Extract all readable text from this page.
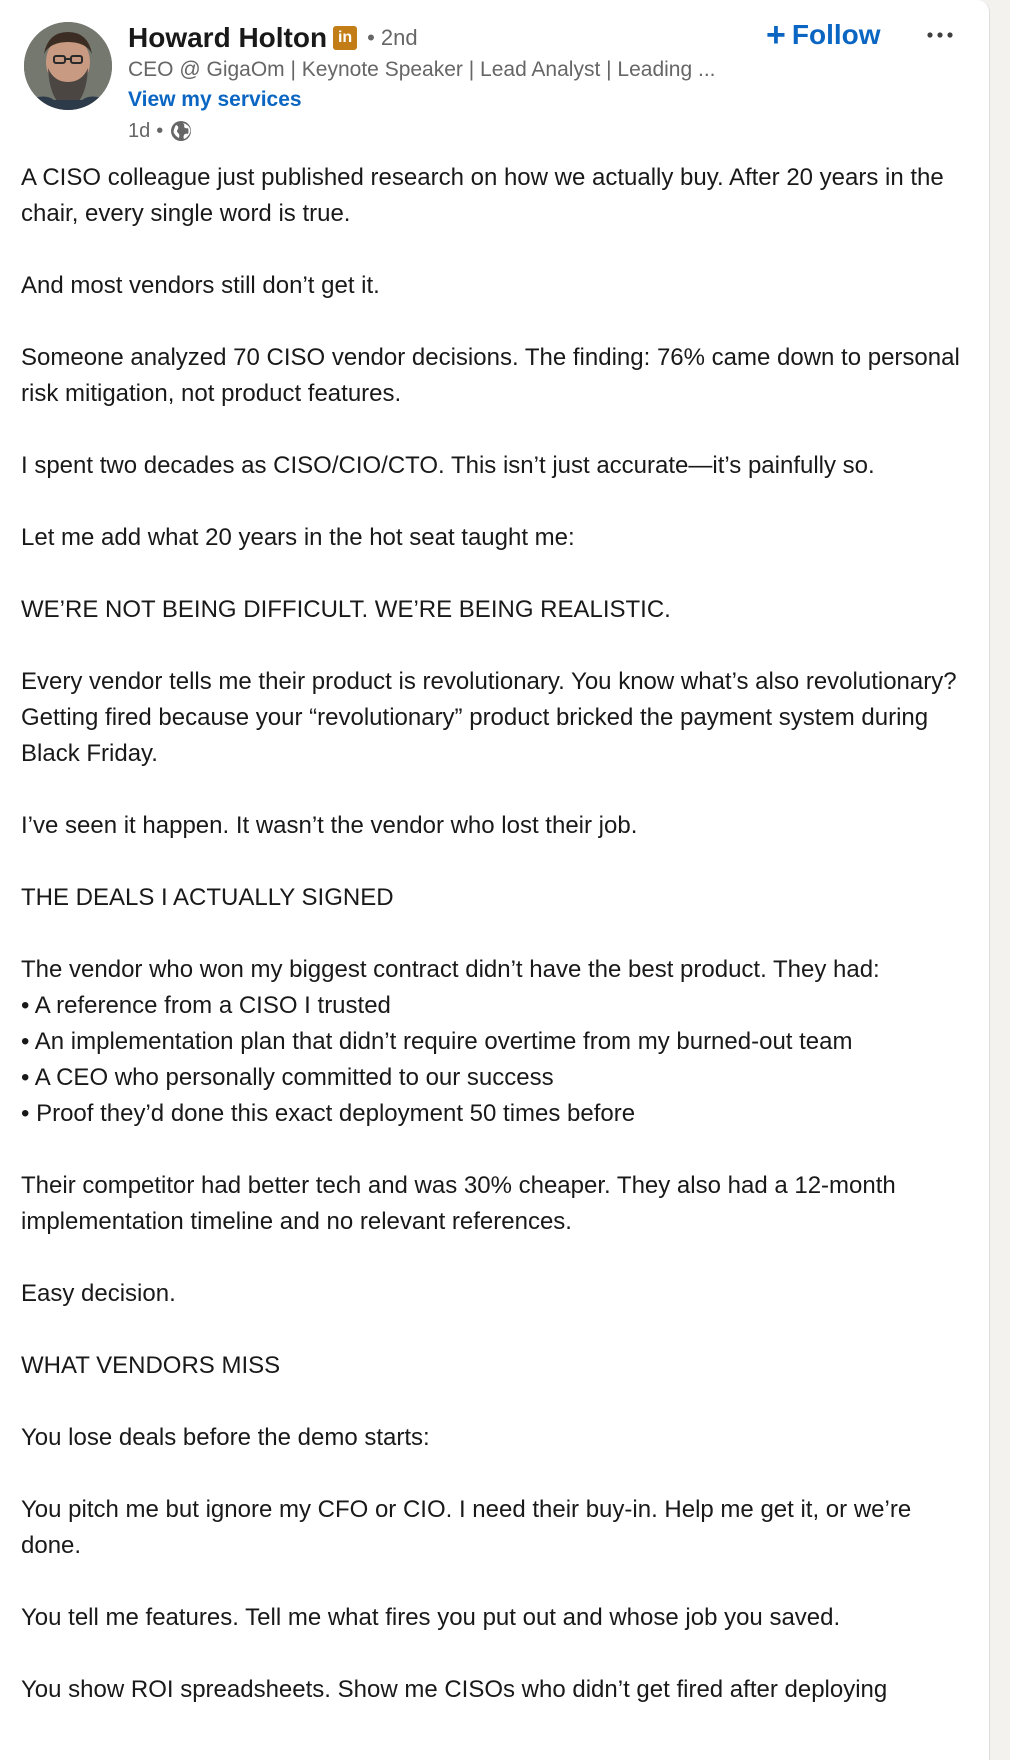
Howard Holton in • 2nd
CEO @ GigaOm | Keynote Speaker | Lead Analyst | Leading ...
View my services
1d •
+ Follow

A CISO colleague just published research on how we actually buy. After 20 years in the chair, every single word is true.

And most vendors still don’t get it.

Someone analyzed 70 CISO vendor decisions. The finding: 76% came down to personal risk mitigation, not product features.

I spent two decades as CISO/CIO/CTO. This isn’t just accurate—it’s painfully so.

Let me add what 20 years in the hot seat taught me:

WE’RE NOT BEING DIFFICULT. WE’RE BEING REALISTIC.

Every vendor tells me their product is revolutionary. You know what’s also revolutionary? Getting fired because your “revolutionary” product bricked the payment system during Black Friday.

I’ve seen it happen. It wasn’t the vendor who lost their job.

THE DEALS I ACTUALLY SIGNED

The vendor who won my biggest contract didn’t have the best product. They had:

• A reference from a CISO I trusted

• An implementation plan that didn’t require overtime from my burned-out team

• A CEO who personally committed to our success

• Proof they’d done this exact deployment 50 times before

Their competitor had better tech and was 30% cheaper. They also had a 12-month implementation timeline and no relevant references.

Easy decision.

WHAT VENDORS MISS

You lose deals before the demo starts:

You pitch me but ignore my CFO or CIO. I need their buy-in. Help me get it, or we’re done.

You tell me features. Tell me what fires you put out and whose job you saved.

You show ROI spreadsheets. Show me CISOs who didn’t get fired after deploying
